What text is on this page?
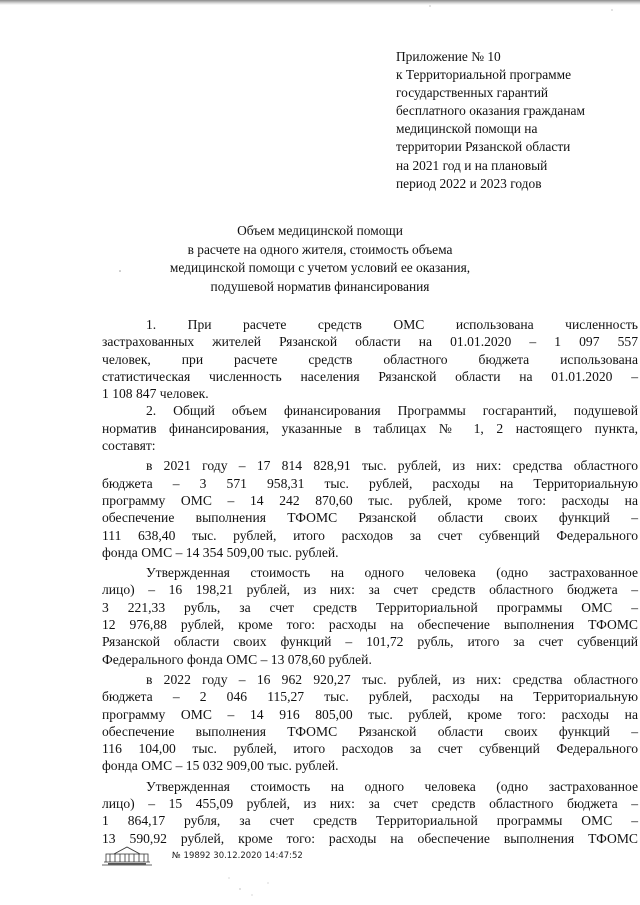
Приложение № 10
к Территориальной программе
государственных гарантий
бесплатного оказания гражданам
медицинской помощи на
территории Рязанской области
на 2021 год и на плановый
период 2022 и 2023 годов
Объем медицинской помощи
в расчете на одного жителя, стоимость объема
медицинской помощи с учетом условий ее оказания,
подушевой норматив финансирования
1. При расчете средств ОМС использована численность
застрахованных жителей Рязанской области на 01.01.2020 – 1 097 557
человек, при расчете средств областного бюджета использована
статистическая численность населения Рязанской области на 01.01.2020 –
1 108 847 человек.
2. Общий объем финансирования Программы госгарантий, подушевой
норматив финансирования, указанные в таблицах № 1, 2 настоящего пункта,
составят:
в 2021 году – 17 814 828,91 тыс. рублей, из них: средства областного
бюджета – 3 571 958,31 тыс. рублей, расходы на Территориальную
программу ОМС – 14 242 870,60 тыс. рублей, кроме того: расходы на
обеспечение выполнения ТФОМС Рязанской области своих функций –
111 638,40 тыс. рублей, итого расходов за счет субвенций Федерального
фонда ОМС – 14 354 509,00 тыс. рублей.
Утвержденная стоимость на одного человека (одно застрахованное
лицо) – 16 198,21 рублей, из них: за счет средств областного бюджета –
3 221,33 рубль, за счет средств Территориальной программы ОМС –
12 976,88 рублей, кроме того: расходы на обеспечение выполнения ТФОМС
Рязанской области своих функций – 101,72 рубль, итого за счет субвенций
Федерального фонда ОМС – 13 078,60 рублей.
в 2022 году – 16 962 920,27 тыс. рублей, из них: средства областного
бюджета – 2 046 115,27 тыс. рублей, расходы на Территориальную
программу ОМС – 14 916 805,00 тыс. рублей, кроме того: расходы на
обеспечение выполнения ТФОМС Рязанской области своих функций –
116 104,00 тыс. рублей, итого расходов за счет субвенций Федерального
фонда ОМС – 15 032 909,00 тыс. рублей.
Утвержденная стоимость на одного человека (одно застрахованное
лицо) – 15 455,09 рублей, из них: за счет средств областного бюджета –
1 864,17 рубля, за счет средств Территориальной программы ОМС –
13 590,92 рублей, кроме того: расходы на обеспечение выполнения ТФОМС
№ 19892 30.12.2020 14:47:52
